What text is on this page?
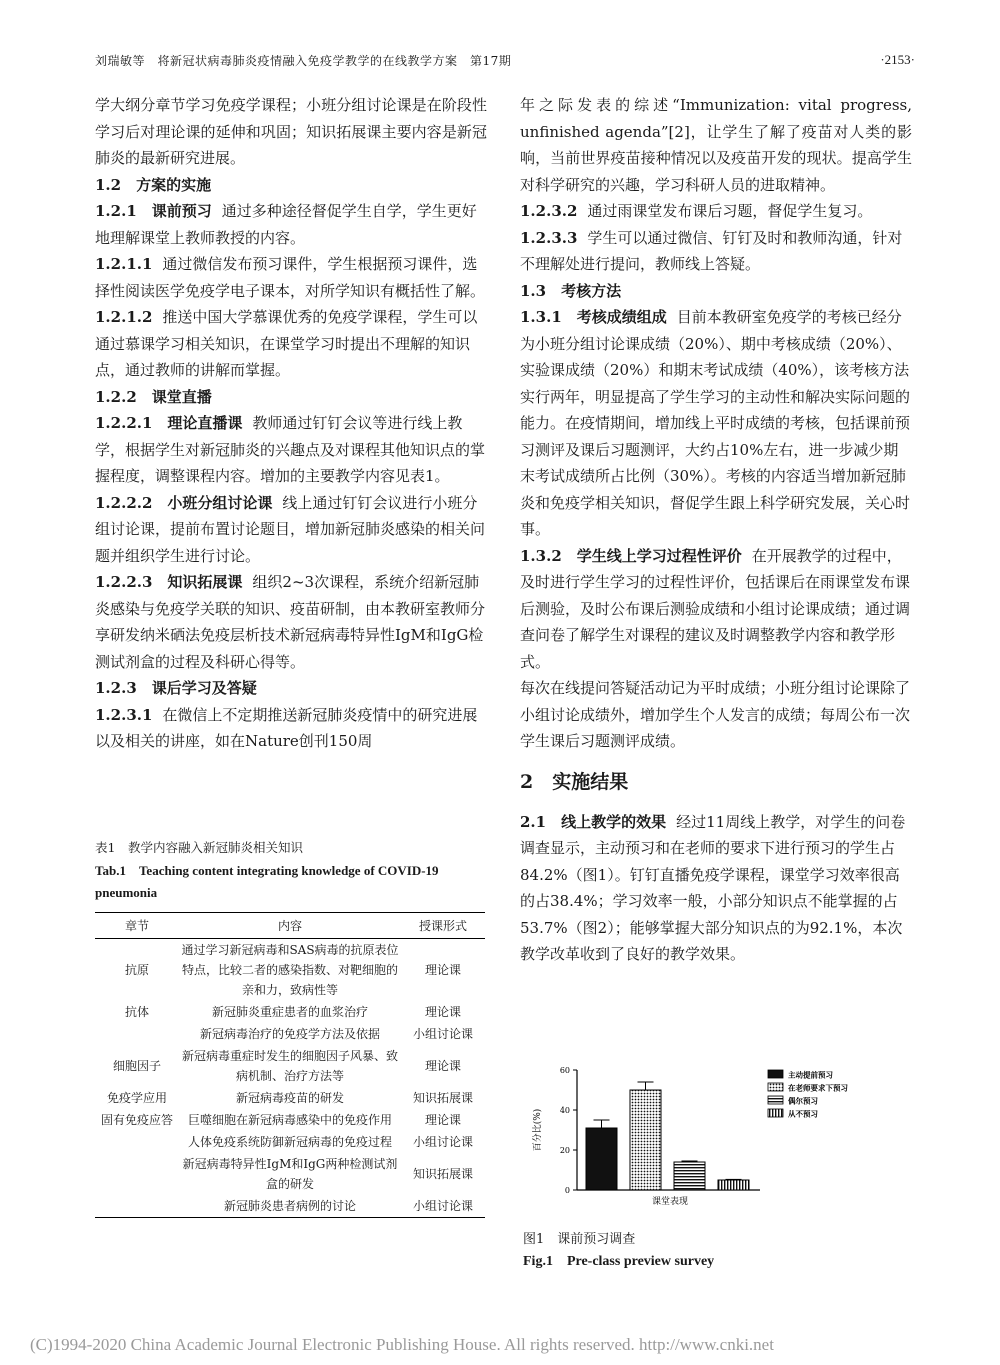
刘瑞敏等　将新冠状病毒肺炎疫情融入免疫学教学的在线教学方案　第17期	·2153·

学大纲分章节学习免疫学课程；小班分组讨论课是在阶段性学习后对理论课的延伸和巩固；知识拓展课主要内容是新冠肺炎的最新研究进展。

1.2　方案的实施

1.2.1　课前预习 通过多种途径督促学生自学，学生更好地理解课堂上教师教授的内容。

1.2.1.1 通过微信发布预习课件，学生根据预习课件，选择性阅读医学免疫学电子课本，对所学知识有概括性了解。

1.2.1.2 推送中国大学慕课优秀的免疫学课程，学生可以通过慕课学习相关知识，在课堂学习时提出不理解的知识点，通过教师的讲解而掌握。

1.2.2　课堂直播

1.2.2.1　理论直播课 教师通过钉钉会议等进行线上教学，根据学生对新冠肺炎的兴趣点及对课程其他知识点的掌握程度，调整课程内容。增加的主要教学内容见表1。

1.2.2.2　小班分组讨论课 线上通过钉钉会议进行小班分组讨论课，提前布置讨论题目，增加新冠肺炎感染的相关问题并组织学生进行讨论。

1.2.2.3　知识拓展课 组织2~3次课程，系统介绍新冠肺炎感染与免疫学关联的知识、疫苗研制，由本教研室教师分享研发纳米硒法免疫层析技术新冠病毒特异性IgM和IgG检测试剂盒的过程及科研心得等。

1.2.3　课后学习及答疑

1.2.3.1 在微信上不定期推送新冠肺炎疫情中的研究进展以及相关的讲座，如在Nature创刊150周

表1　教学内容融入新冠肺炎相关知识
Tab.1　Teaching content integrating knowledge of COVID-19 pneumonia
章节	内容	授课形式
抗原	通过学习新冠病毒和SAS病毒的抗原表位特点，比较二者的感染指数、对靶细胞的亲和力，致病性等	理论课
抗体	新冠肺炎重症患者的血浆治疗	理论课
	新冠病毒治疗的免疫学方法及依据	小组讨论课
细胞因子	新冠病毒重症时发生的细胞因子风暴、致病机制、治疗方法等	理论课
免疫学应用	新冠病毒疫苗的研发	知识拓展课
固有免疫应答	巨噬细胞在新冠病毒感染中的免疫作用	理论课
	人体免疫系统防御新冠病毒的免疫过程	小组讨论课
	新冠病毒特异性IgM和IgG两种检测试剂盒的研发	知识拓展课
	新冠肺炎患者病例的讨论	小组讨论课

年之际发表的综述“Immunization: vital progress, unfinished agenda”[2]，让学生了解了疫苗对人类的影响，当前世界疫苗接种情况以及疫苗开发的现状。提高学生对科学研究的兴趣，学习科研人员的进取精神。

1.2.3.2 通过雨课堂发布课后习题，督促学生复习。

1.2.3.3 学生可以通过微信、钉钉及时和教师沟通，针对不理解处进行提问，教师线上答疑。

1.3　考核方法

1.3.1　考核成绩组成 目前本教研室免疫学的考核已经分为小班分组讨论课成绩（20%）、期中考核成绩（20%）、实验课成绩（20%）和期末考试成绩（40%），该考核方法实行两年，明显提高了学生学习的主动性和解决实际问题的能力。在疫情期间，增加线上平时成绩的考核，包括课前预习测评及课后习题测评，大约占10%左右，进一步减少期末考试成绩所占比例（30%）。考核的内容适当增加新冠肺炎和免疫学相关知识，督促学生跟上科学研究发展，关心时事。

1.3.2　学生线上学习过程性评价 在开展教学的过程中，及时进行学生学习的过程性评价，包括课后在雨课堂发布课后测验，及时公布课后测验成绩和小组讨论课成绩；通过调查问卷了解学生对课程的建议及时调整教学内容和教学形式。

每次在线提问答疑活动记为平时成绩；小班分组讨论课除了小组讨论成绩外，增加学生个人发言的成绩；每周公布一次学生课后习题测评成绩。

2　实施结果

2.1　线上教学的效果 经过11周线上教学，对学生的问卷调查显示，主动预习和在老师的要求下进行预习的学生占84.2%（图1）。钉钉直播免疫学课程，课堂学习效率很高的占38.4%；学习效率一般，小部分知识点不能掌握的占53.7%（图2）；能够掌握大部分知识点的为92.1%，本次教学改革收到了良好的教学效果。

0
20
40
60
百分比(%)
课堂表现
主动提前预习
在老师要求下预习
偶尔预习
从不预习
图1　课前预习调查
Fig.1　Pre-class preview survey
(C)1994-2020 China Academic Journal Electronic Publishing House. All rights reserved. http://www.cnki.net
